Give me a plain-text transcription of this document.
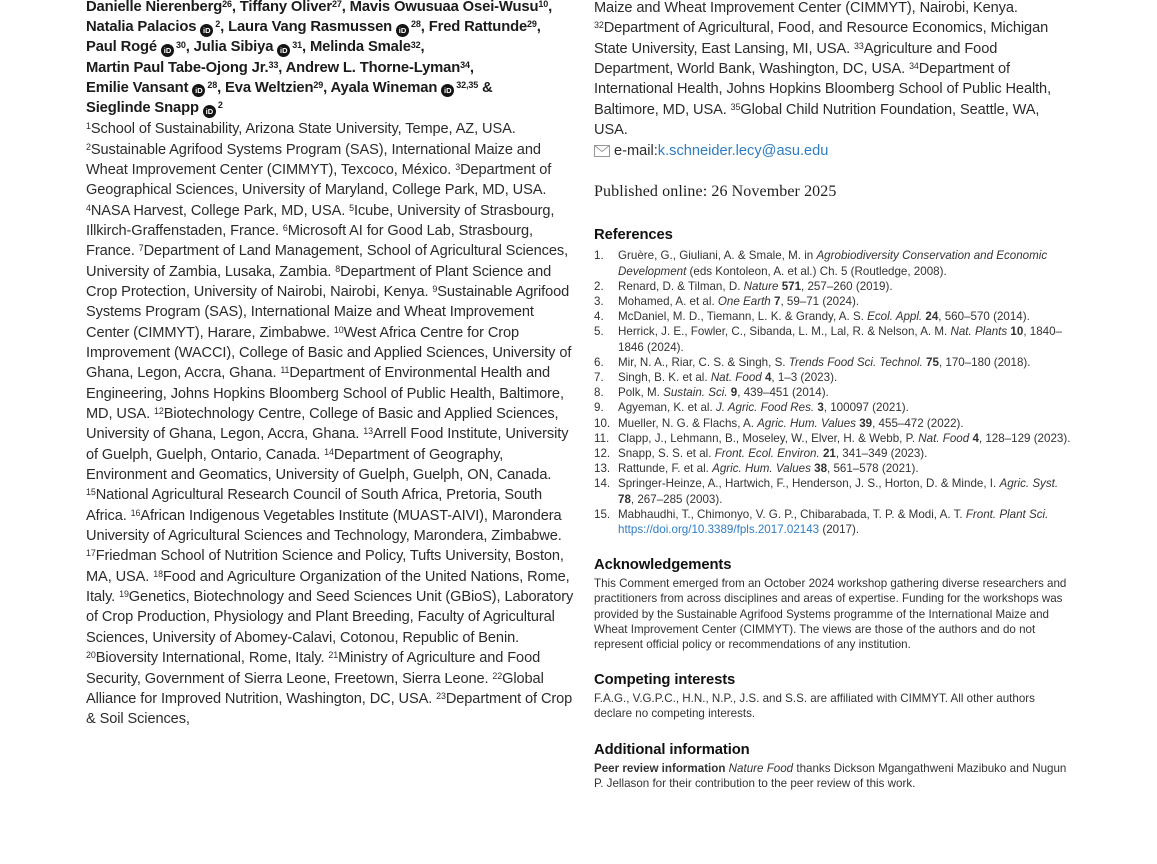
Danielle Nierenberg$^{26}$, Tiffany Oliver$^{27}$, Mavis Owusuaa Osei-Wusu$^{10}$,
Natalia Palacios $iD^2$, Laura Vang Rasmussen $iD^{28}$, Fred Rattunde$^{29}$,
Paul Rogé $iD^{30}$, Julia Sibiya $iD^{31}$, Melinda Smale$^{32}$,
Martin Paul Tabe-Ojong Jr.$^{33}$, Andrew L. Thorne-Lyman$^{34}$,
Emilie Vansant $iD^{28}$, Eva Weltzien$^{29}$, Ayala Wineman iD$^{32,35}$ &
Sieglinde Snapp $iD^2$

$^1$School of Sustainability, Arizona State University, Tempe, AZ, USA. $^2$Sustainable Agrifood Systems Program (SAS), International Maize and Wheat Improvement Center (CIMMYT), Texcoco, México. $^3$Department of Geographical Sciences, University of Maryland, College Park, MD, USA. $^4$NASA Harvest, College Park, MD, USA. $^5$Icube, University of Strasbourg, Illkirch-Graffenstaden, France. $^6$Microsoft AI for Good Lab, Strasbourg, France. $^7$Department of Land Management, School of Agricultural Sciences, University of Zambia, Lusaka, Zambia. $^8$Department of Plant Science and Crop Protection, University of Nairobi, Nairobi, Kenya. $^9$Sustainable Agrifood Systems Program (SAS), International Maize and Wheat Improvement Center (CIMMYT), Harare, Zimbabwe. $^{10}$West Africa Centre for Crop Improvement (WACCI), College of Basic and Applied Sciences, University of Ghana, Legon, Accra, Ghana. $^{11}$Department of Environmental Health and Engineering, Johns Hopkins Bloomberg School of Public Health, Baltimore, MD, USA. $^{12}$Biotechnology Centre, College of Basic and Applied Sciences, University of Ghana, Legon, Accra, Ghana. $^{13}$Arrell Food Institute, University of Guelph, Guelph, Ontario, Canada. $^{14}$Department of Geography, Environment and Geomatics, University of Guelph, Guelph, ON, Canada. $^{15}$National Agricultural Research Council of South Africa, Pretoria, South Africa. $^{16}$African Indigenous Vegetables Institute (MUAST-AIVI), Marondera University of Agricultural Sciences and Technology, Marondera, Zimbabwe. $^{17}$Friedman School of Nutrition Science and Policy, Tufts University, Boston, MA, USA. $^{18}$Food and Agriculture Organization of the United Nations, Rome, Italy. $^{19}$Genetics, Biotechnology and Seed Sciences Unit (GBioS), Laboratory of Crop Production, Physiology and Plant Breeding, Faculty of Agricultural Sciences, University of Abomey-Calavi, Cotonou, Republic of Benin. $^{20}$Bioversity International, Rome, Italy. $^{21}$Ministry of Agriculture and Food Security, Government of Sierra Leone, Freetown, Sierra Leone. $^{22}$Global Alliance for Improved Nutrition, Washington, DC, USA. $^{23}$Department of Crop & Soil Sciences,

Maize and Wheat Improvement Center (CIMMYT), Nairobi, Kenya. $^{32}$Department of Agricultural, Food, and Resource Economics, Michigan State University, East Lansing, MI, USA. $^{33}$Agriculture and Food Department, World Bank, Washington, DC, USA. $^{34}$Department of International Health, Johns Hopkins Bloomberg School of Public Health, Baltimore, MD, USA. $^{35}$Global Child Nutrition Foundation, Seattle, WA, USA.

e-mail: k.schneider.lecy@asu.edu

Published online: 26 November 2025

References
1.	Gruère, G., Giuliani, A. & Smale, M. in Agrobiodiversity Conservation and Economic Development (eds Kontoleon, A. et al.) Ch. 5 (Routledge, 2008).
2.	Renard, D. & Tilman, D. Nature 571, 257–260 (2019).
3.	Mohamed, A. et al. One Earth 7, 59–71 (2024).
4.	McDaniel, M. D., Tiemann, L. K. & Grandy, A. S. Ecol. Appl. 24, 560–570 (2014).
5.	Herrick, J. E., Fowler, C., Sibanda, L. M., Lal, R. & Nelson, A. M. Nat. Plants 10, 1840–1846 (2024).
6.	Mir, N. A., Riar, C. S. & Singh, S. Trends Food Sci. Technol. 75, 170–180 (2018).
7.	Singh, B. K. et al. Nat. Food 4, 1–3 (2023).
8.	Polk, M. Sustain. Sci. 9, 439–451 (2014).
9.	Agyeman, K. et al. J. Agric. Food Res. 3, 100097 (2021).
10. Mueller, N. G. & Flachs, A. Agric. Hum. Values 39, 455–472 (2022).
11. Clapp, J., Lehmann, B., Moseley, W., Elver, H. & Webb, P. Nat. Food 4, 128–129 (2023).
12. Snapp, S. S. et al. Front. Ecol. Environ. 21, 341–349 (2023).
13. Rattunde, F. et al. Agric. Hum. Values 38, 561–578 (2021).
14. Springer-Heinze, A., Hartwich, F., Henderson, J. S., Horton, D. & Minde, I. Agric. Syst. 78, 267–285 (2003).
15. Mabhaudhi, T., Chimonyo, V. G. P., Chibarabada, T. P. & Modi, A. T. Front. Plant Sci. https://doi.org/10.3389/fpls.2017.02143 (2017).
Acknowledgements

This Comment emerged from an October 2024 workshop gathering diverse researchers and practitioners from across disciplines and areas of expertise. Funding for the workshops was provided by the Sustainable Agrifood Systems programme of the International Maize and Wheat Improvement Center (CIMMYT). The views are those of the authors and do not represent official policy or recommendations of any institution.

Competing interests

F.A.G., V.G.P.C., H.N., N.P., J.S. and S.S. are affiliated with CIMMYT. All other authors declare no competing interests.

Additional information

Peer review information Nature Food thanks Dickson Mgangathweni Mazibuko and Nugun P. Jellason for their contribution to the peer review of this work.
